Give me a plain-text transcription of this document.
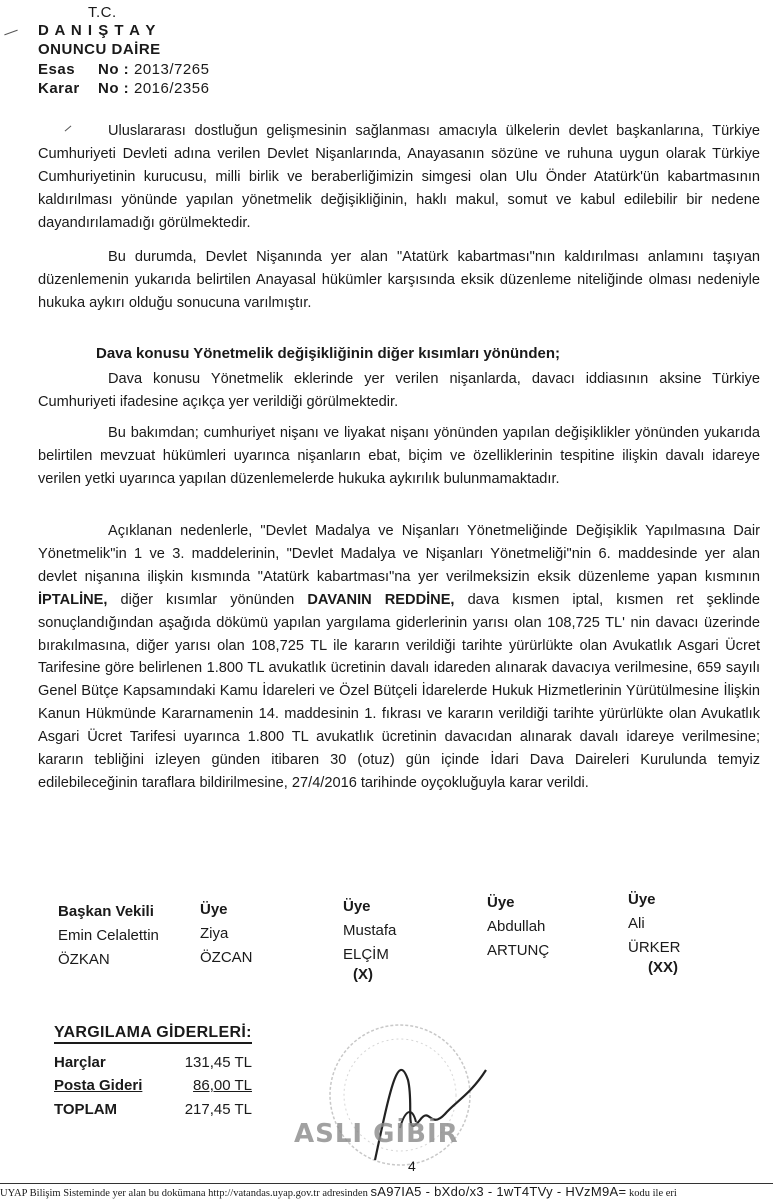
T.C.
D A N I Ş T A Y
ONUNCU DAİRE
Esas No : 2013/7265
Karar No : 2016/2356

Uluslararası dostluğun gelişmesinin sağlanması amacıyla ülkelerin devlet başkanlarına, Türkiye Cumhuriyeti Devleti adına verilen Devlet Nişanlarında, Anayasanın sözüne ve ruhuna uygun olarak Türkiye Cumhuriyetinin kurucusu, milli birlik ve beraberliğimizin simgesi olan Ulu Önder Atatürk'ün kabartmasının kaldırılması yönünde yapılan yönetmelik değişikliğinin, haklı makul, somut ve kabul edilebilir bir nedene dayandırılamadığı görülmektedir.

Bu durumda, Devlet Nişanında yer alan "Atatürk kabartması"nın kaldırılması anlamını taşıyan düzenlemenin yukarıda belirtilen Anayasal hükümler karşısında eksik düzenleme niteliğinde olması nedeniyle hukuka aykırı olduğu sonucuna varılmıştır.

Dava konusu Yönetmelik değişikliğinin diğer kısımları yönünden;

Dava konusu Yönetmelik eklerinde yer verilen nişanlarda, davacı iddiasının aksine Türkiye Cumhuriyeti ifadesine açıkça yer verildiği görülmektedir.

Bu bakımdan; cumhuriyet nişanı ve liyakat nişanı yönünden yapılan değişiklikler yönünden yukarıda belirtilen mevzuat hükümleri uyarınca nişanların ebat, biçim ve özelliklerinin tespitine ilişkin davalı idareye verilen yetki uyarınca yapılan düzenlemelerde hukuka aykırılık bulunmamaktadır.

Açıklanan nedenlerle, "Devlet Madalya ve Nişanları Yönetmeliğinde Değişiklik Yapılmasına Dair Yönetmelik"in 1 ve 3. maddelerinin, "Devlet Madalya ve Nişanları Yönetmeliği"nin 6. maddesinde yer alan devlet nişanına ilişkin kısmında "Atatürk kabartması"na yer verilmeksizin eksik düzenleme yapan kısmının İPTALİNE, diğer kısımlar yönünden DAVANIN REDDİNE, dava kısmen iptal, kısmen ret şeklinde sonuçlandığından aşağıda dökümü yapılan yargılama giderlerinin yarısı olan 108,725 TL' nin davacı üzerinde bırakılmasına, diğer yarısı olan 108,725 TL ile kararın verildiği tarihte yürürlükte olan Avukatlık Asgari Ücret Tarifesine göre belirlenen 1.800 TL avukatlık ücretinin davalı idareden alınarak davacıya verilmesine, 659 sayılı Genel Bütçe Kapsamındaki Kamu İdareleri ve Özel Bütçeli İdarelerde Hukuk Hizmetlerinin Yürütülmesine İlişkin Kanun Hükmünde Kararnamenin 14. maddesinin 1. fıkrası ve kararın verildiği tarihte yürürlükte olan Avukatlık Asgari Ücret Tarifesi uyarınca 1.800 TL avukatlık ücretinin davacıdan alınarak davalı idareye verilmesine; kararın tebliğini izleyen günden itibaren 30 (otuz) gün içinde İdari Dava Daireleri Kurulunda temyiz edilebileceğinin taraflara bildirilmesine, 27/4/2016 tarihinde oyçokluğuyla karar verildi.

Başkan Vekili
Emin Celalettin
ÖZKAN
Üye
Ziya
ÖZCAN
Üye
Mustafa
ELÇİM
(X)
Üye
Abdullah
ARTUNÇ
Üye
Ali
ÜRKER
(XX)
YARGILAMA GİDERLERİ:
Harçlar	131,45 TL
Posta Gideri	86,00 TL
TOPLAM	217,45 TL
ASLI GİBİR
4
UYAP Bilişim Sisteminde yer alan bu dokümana http://vatandas.uyap.gov.tr adresinden sA97IA5 - bXdo/x3 - 1wT4TVy - HVzM9A= kodu ile eri
